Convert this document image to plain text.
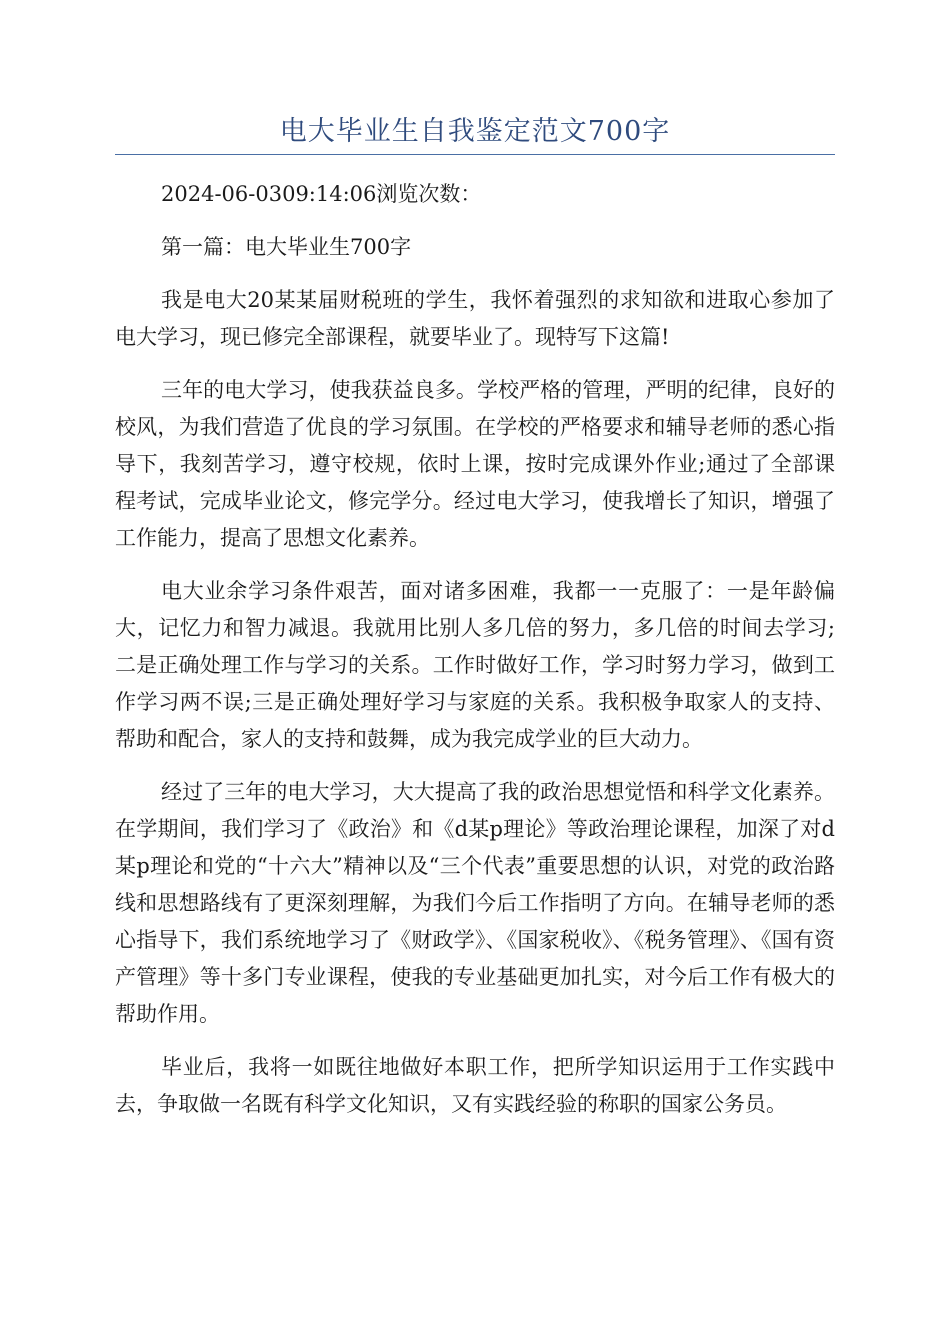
电大毕业生自我鉴定范文700字

2024-06-0309:14:06浏览次数：

第一篇：电大毕业生700字

我是电大20某某届财税班的学生，我怀着强烈的求知欲和进取心参加了电大学习，现已修完全部课程，就要毕业了。现特写下这篇!

三年的电大学习，使我获益良多。学校严格的管理，严明的纪律，良好的校风，为我们营造了优良的学习氛围。在学校的严格要求和辅导老师的悉心指导下，我刻苦学习，遵守校规，依时上课，按时完成课外作业;通过了全部课程考试，完成毕业论文，修完学分。经过电大学习，使我增长了知识，增强了工作能力，提高了思想文化素养。

电大业余学习条件艰苦，面对诸多困难，我都一一克服了：一是年龄偏大，记忆力和智力减退。我就用比别人多几倍的努力，多几倍的时间去学习;二是正确处理工作与学习的关系。工作时做好工作，学习时努力学习，做到工作学习两不误;三是正确处理好学习与家庭的关系。我积极争取家人的支持、帮助和配合，家人的支持和鼓舞，成为我完成学业的巨大动力。

经过了三年的电大学习，大大提高了我的政治思想觉悟和科学文化素养。在学期间，我们学习了《政治》和《d某p理论》等政治理论课程，加深了对d某p理论和党的“十六大”精神以及“三个代表”重要思想的认识，对党的政治路线和思想路线有了更深刻理解，为我们今后工作指明了方向。在辅导老师的悉心指导下，我们系统地学习了《财政学》、《国家税收》、《税务管理》、《国有资产管理》等十多门专业课程，使我的专业基础更加扎实，对今后工作有极大的帮助作用。

毕业后，我将一如既往地做好本职工作，把所学知识运用于工作实践中去，争取做一名既有科学文化知识，又有实践经验的称职的国家公务员。
